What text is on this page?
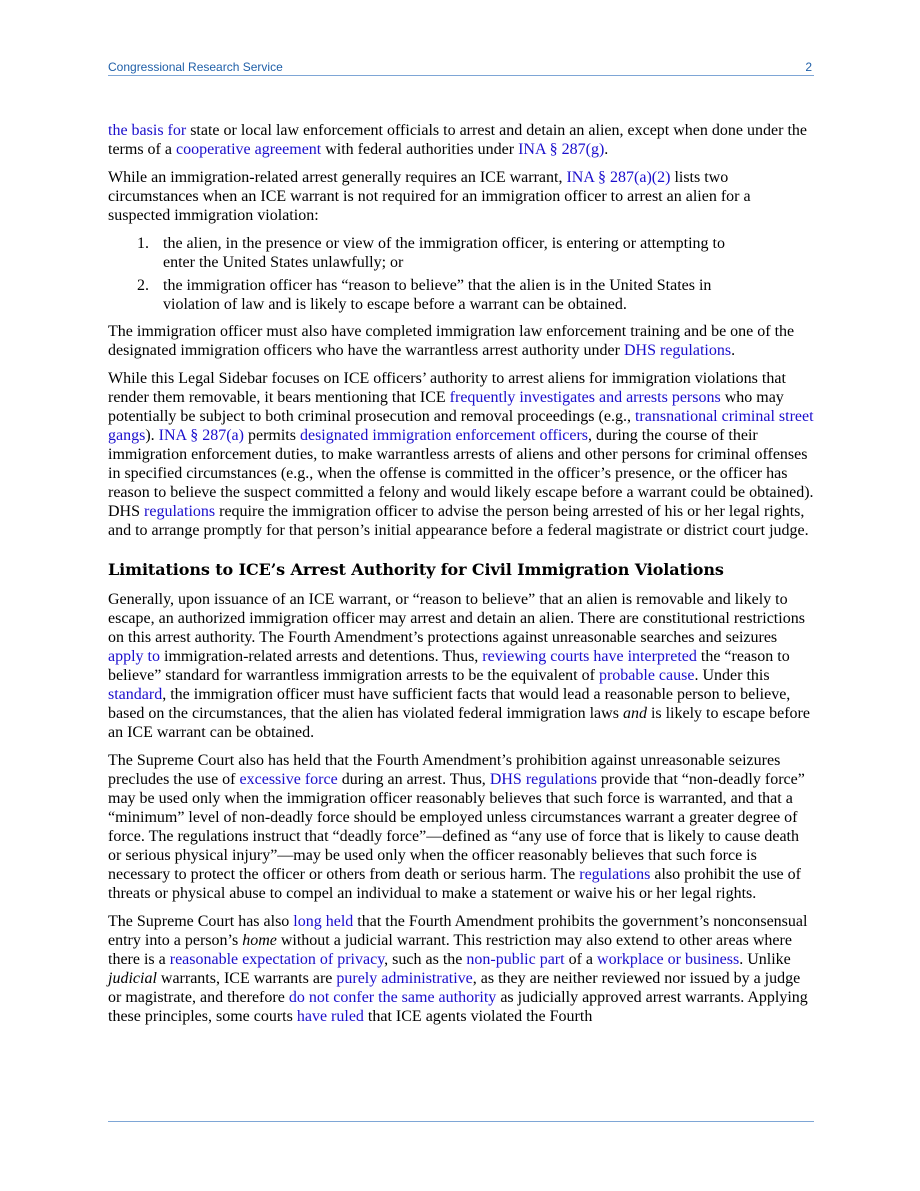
Congressional Research Service	2

the basis for state or local law enforcement officials to arrest and detain an alien, except when done under the terms of a cooperative agreement with federal authorities under INA § 287(g).

While an immigration-related arrest generally requires an ICE warrant, INA § 287(a)(2) lists two circumstances when an ICE warrant is not required for an immigration officer to arrest an alien for a suspected immigration violation:

1. the alien, in the presence or view of the immigration officer, is entering or attempting to enter the United States unlawfully; or
2. the immigration officer has “reason to believe” that the alien is in the United States in violation of law and is likely to escape before a warrant can be obtained.

The immigration officer must also have completed immigration law enforcement training and be one of the designated immigration officers who have the warrantless arrest authority under DHS regulations.

While this Legal Sidebar focuses on ICE officers’ authority to arrest aliens for immigration violations that render them removable, it bears mentioning that ICE frequently investigates and arrests persons who may potentially be subject to both criminal prosecution and removal proceedings (e.g., transnational criminal street gangs). INA § 287(a) permits designated immigration enforcement officers, during the course of their immigration enforcement duties, to make warrantless arrests of aliens and other persons for criminal offenses in specified circumstances (e.g., when the offense is committed in the officer’s presence, or the officer has reason to believe the suspect committed a felony and would likely escape before a warrant could be obtained). DHS regulations require the immigration officer to advise the person being arrested of his or her legal rights, and to arrange promptly for that person’s initial appearance before a federal magistrate or district court judge.

Limitations to ICE’s Arrest Authority for Civil Immigration Violations

Generally, upon issuance of an ICE warrant, or “reason to believe” that an alien is removable and likely to escape, an authorized immigration officer may arrest and detain an alien. There are constitutional restrictions on this arrest authority. The Fourth Amendment’s protections against unreasonable searches and seizures apply to immigration-related arrests and detentions. Thus, reviewing courts have interpreted the “reason to believe” standard for warrantless immigration arrests to be the equivalent of probable cause. Under this standard, the immigration officer must have sufficient facts that would lead a reasonable person to believe, based on the circumstances, that the alien has violated federal immigration laws and is likely to escape before an ICE warrant can be obtained.

The Supreme Court also has held that the Fourth Amendment’s prohibition against unreasonable seizures precludes the use of excessive force during an arrest. Thus, DHS regulations provide that “non-deadly force” may be used only when the immigration officer reasonably believes that such force is warranted, and that a “minimum” level of non-deadly force should be employed unless circumstances warrant a greater degree of force. The regulations instruct that “deadly force”—defined as “any use of force that is likely to cause death or serious physical injury”—may be used only when the officer reasonably believes that such force is necessary to protect the officer or others from death or serious harm. The regulations also prohibit the use of threats or physical abuse to compel an individual to make a statement or waive his or her legal rights.

The Supreme Court has also long held that the Fourth Amendment prohibits the government’s nonconsensual entry into a person’s home without a judicial warrant. This restriction may also extend to other areas where there is a reasonable expectation of privacy, such as the non-public part of a workplace or business. Unlike judicial warrants, ICE warrants are purely administrative, as they are neither reviewed nor issued by a judge or magistrate, and therefore do not confer the same authority as judicially approved arrest warrants. Applying these principles, some courts have ruled that ICE agents violated the Fourth
